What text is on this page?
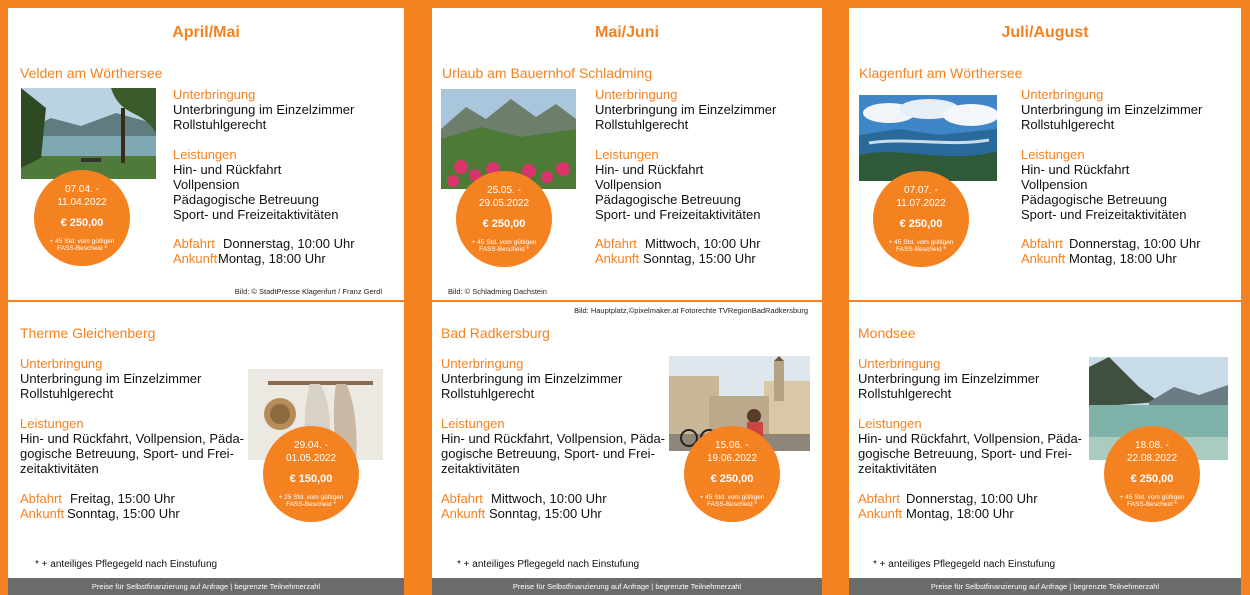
April/Mai
Velden am Wörthersee
Unterbringung
Unterbringung im Einzelzimmer
Rollstuhlgerecht
Leistungen
Hin- und Rückfahrt
Vollpension
Pädagogische Betreuung
Sport- und Freizeitaktivitäten
Abfahrt Donnerstag, 10:00 Uhr
AnkunftMontag, 18:00 Uhr
07.04. -
11.04.2022
€ 250,00
+ 45 Std. vom gültigen FASS-Bescheid *
Bild: © StadtPresse Klagenfurt / Franz Gerdl
Therme Gleichenberg
Unterbringung
Unterbringung im Einzelzimmer
Rollstuhlgerecht
Leistungen
Hin- und Rückfahrt, Vollpension, Päda-
gogische Betreuung, Sport- und Frei-
zeitaktivitäten
Abfahrt Freitag, 15:00 Uhr
Ankunft Sonntag, 15:00 Uhr
29.04. -
01.05.2022
€ 150,00
+ 25 Std. vom gültigen FASS-Bescheid *
* + anteiliges Pflegegeld nach Einstufung
Preise für Selbstfinanzierung auf Anfrage | begrenzte Teilnehmerzahl
Mai/Juni
Urlaub am Bauernhof Schladming
Unterbringung
Unterbringung im Einzelzimmer
Rollstuhlgerecht
Leistungen
Hin- und Rückfahrt
Vollpension
Pädagogische Betreuung
Sport- und Freizeitaktivitäten
Abfahrt Mittwoch, 10:00 Uhr
Ankunft Sonntag, 15:00 Uhr
25.05. -
29.05.2022
€ 250,00
+ 45 Std. vom gültigen FASS-Bescheid *
Bild: © Schladming Dachstein
Bild: Hauptplatz,©pixelmaker.at Fotorechte TVRegionBadRadkersburg
Bad Radkersburg
Unterbringung
Unterbringung im Einzelzimmer
Rollstuhlgerecht
Leistungen
Hin- und Rückfahrt, Vollpension, Päda-
gogische Betreuung, Sport- und Frei-
zeitaktivitäten
Abfahrt Mittwoch, 10:00 Uhr
Ankunft Sonntag, 15:00 Uhr
15.06. -
19.06.2022
€ 250,00
+ 45 Std. vom gültigen FASS-Bescheid *
* + anteiliges Pflegegeld nach Einstufung
Preise für Selbstfinanzierung auf Anfrage | begrenzte Teilnehmerzahl
Juli/August
Klagenfurt am Wörthersee
Unterbringung
Unterbringung im Einzelzimmer
Rollstuhlgerecht
Leistungen
Hin- und Rückfahrt
Vollpension
Pädagogische Betreuung
Sport- und Freizeitaktivitäten
Abfahrt Donnerstag, 10:00 Uhr
Ankunft Montag, 18:00 Uhr
07.07. -
11.07.2022
€ 250,00
+ 45 Std. vom gültigen FASS-Bescheid *
Mondsee
Unterbringung
Unterbringung im Einzelzimmer
Rollstuhlgerecht
Leistungen
Hin- und Rückfahrt, Vollpension, Päda-
gogische Betreuung, Sport- und Frei-
zeitaktivitäten
Abfahrt Donnerstag, 10:00 Uhr
Ankunft Montag, 18:00 Uhr
18.08. -
22.08.2022
€ 250,00
+ 45 Std. vom gültigen FASS-Bescheid *
* + anteiliges Pflegegeld nach Einstufung
Preise für Selbstfinanzierung auf Anfrage | begrenzte Teilnehmerzahl
